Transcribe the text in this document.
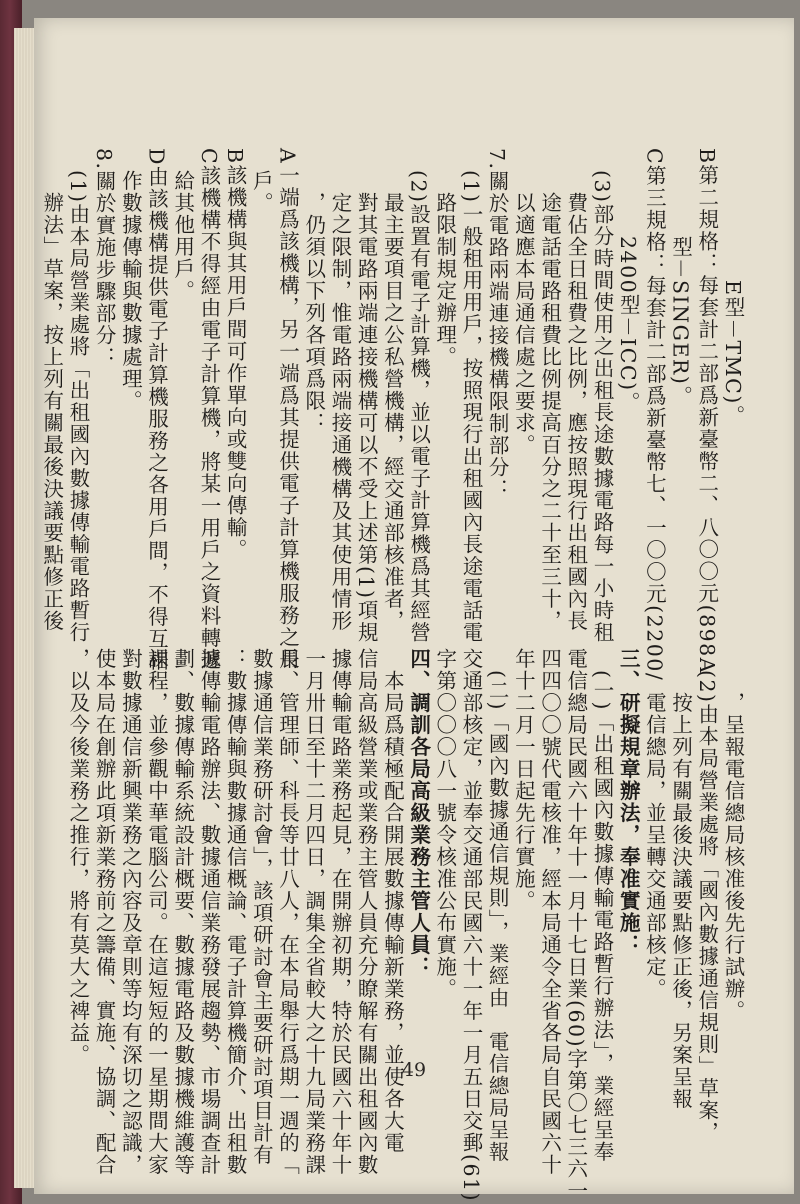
　　　　　　E型－TMC)。
B第二規格：每套計二部爲新臺幣二、八〇〇元(898A
　　　　型－SINGER)。
C第三規格：每套計二部爲新臺幣七、一〇〇元(2200/
　　　　2400型－ICC)。
　(3)部分時間使用之出租長途數據電路每一小時租
　　費佔全日租費之比例，應按照現行出租國內長
　　途電話電路租費比例提高百分之二十至三十，
　　以適應本局通信處之要求。
7.關於電路兩端連接機構限制部分：
　(1)一般租用用戶，按照現行出租國內長途電話電
　　路限制規定辦理。
　(2)設置有電子計算機，並以電子計算機爲其經營
　　最主要項目之公私營機構，經交通部核准者，
　　對其電路兩端連接機構可以不受上述第(1)項規
　　定之限制，惟電路兩端接通機構及其使用情形
　　，仍須以下列各項爲限：
A一端爲該機構，另一端爲其提供電子計算機服務之用
　戶。
B該機構與其用戶間可作單向或雙向傳輸。
C該機構不得經由電子計算機，將某一用戶之資料轉遞
　給其他用戶。
D由該機構提供電子計算機服務之各用戶間，不得互相
　作數據傳輸與數據處理。
8.關於實施步驟部分：
　(1)由本局營業處將「出租國內數據傳輸電路暫行
　　辦法」草案，按上列有關最後決議要點修正後
　　，呈報電信總局核准後先行試辦。
　(2)由本局營業處將「國內數據通信規則」草案，
　　按上列有關最後決議要點修正後，另案呈報
　　電信總局，並呈轉交通部核定。
三、研擬規章辦法，奉准實施：
　(一)「出租國內數據傳輸電路暫行辦法」，業經呈奉
電信總局民國六十年十一月十七日業(60)字第〇七三六一
四四〇〇號代電核准，經本局通令全省各局自民國六十
年十二月一日起先行實施。
　(二)「國內數據通信規則」，業經由　電信總局呈報
交通部核定，並奉交通部民國六十一年一月五日交郵(61)
字第〇〇〇八一號令核准公布實施。
四、調訓各局高級業務主管人員：
　本局爲積極配合開展數據傳輸新業務，並使各大電
信局高級營業或業務主管人員充分瞭解有關出租國內數
據傳輸電路業務起見，在開辦初期，特於民國六十年十
一月卅日至十二月四日，調集全省較大之十九局業務課
長、管理師、科長等廿八人，在本局舉行爲期一週的「
數據通信業務研討會」，該項研討會主要研討項目計有
：數據傳輸與數據通信概論、電子計算機簡介、出租數
據傳輸電路辦法、數據通信業務發展趨勢、市場調查計
劃、數據傳輸系統設計概要、數據電路及數據機維護等
課程，並參觀中華電腦公司。在這短短的一星期間大家
對數據通信新興業務之內容及章則等均有深切之認識，
使本局在創辦此項新業務前之籌備、實施、協調、配合
，以及今後業務之推行，將有莫大之裨益。
49
